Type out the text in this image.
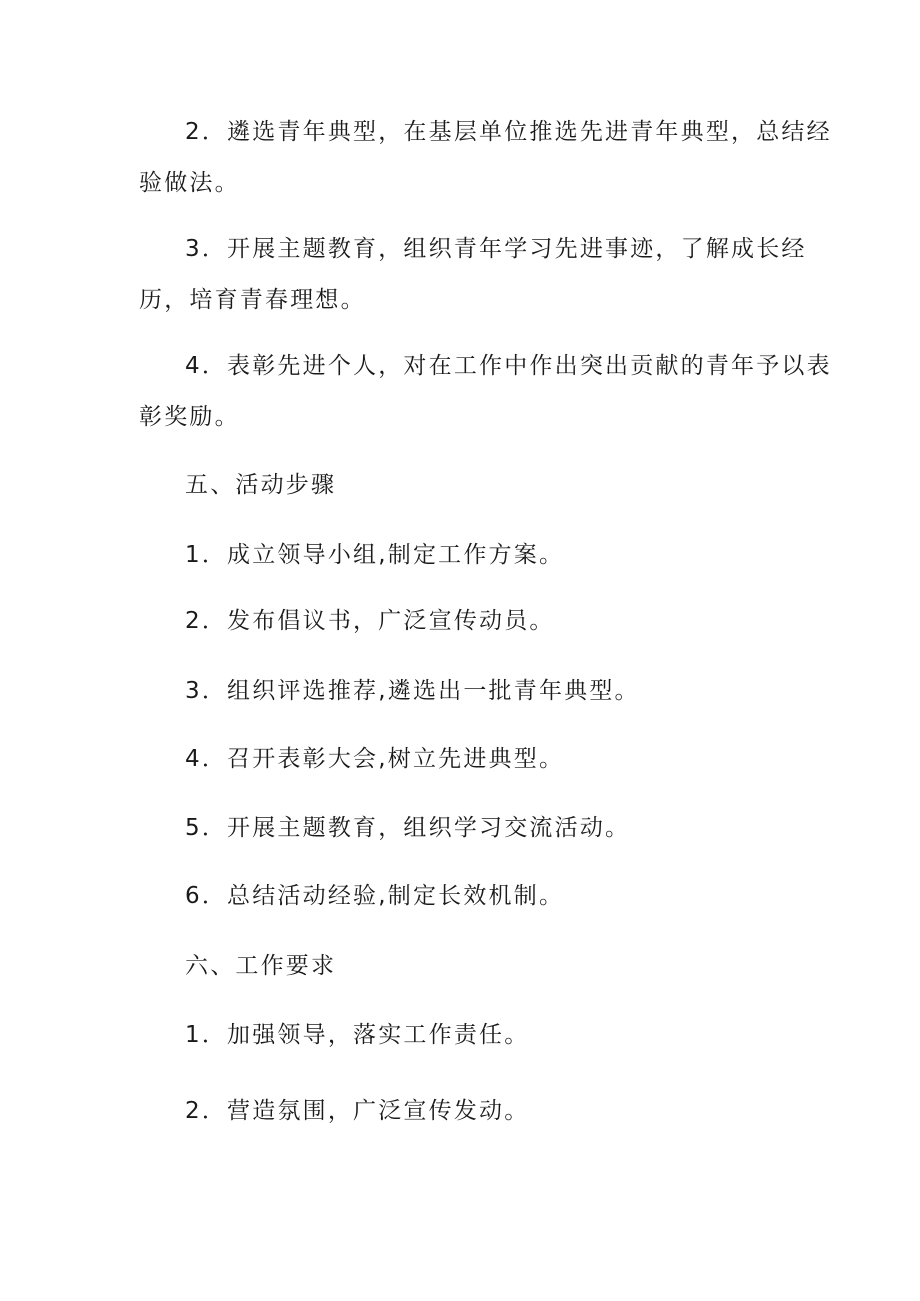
2．遴选青年典型，在基层单位推选先进青年典型，总结经

验做法。

3．开展主题教育，组织青年学习先进事迹，了解成长经

历，培育青春理想。

4．表彰先进个人，对在工作中作出突出贡献的青年予以表

彰奖励。

五、活动步骤

1．成立领导小组,制定工作方案。

2．发布倡议书，广泛宣传动员。

3．组织评选推荐,遴选出一批青年典型。

4．召开表彰大会,树立先进典型。

5．开展主题教育，组织学习交流活动。

6．总结活动经验,制定长效机制。

六、工作要求

1．加强领导，落实工作责任。

2．营造氛围，广泛宣传发动。
